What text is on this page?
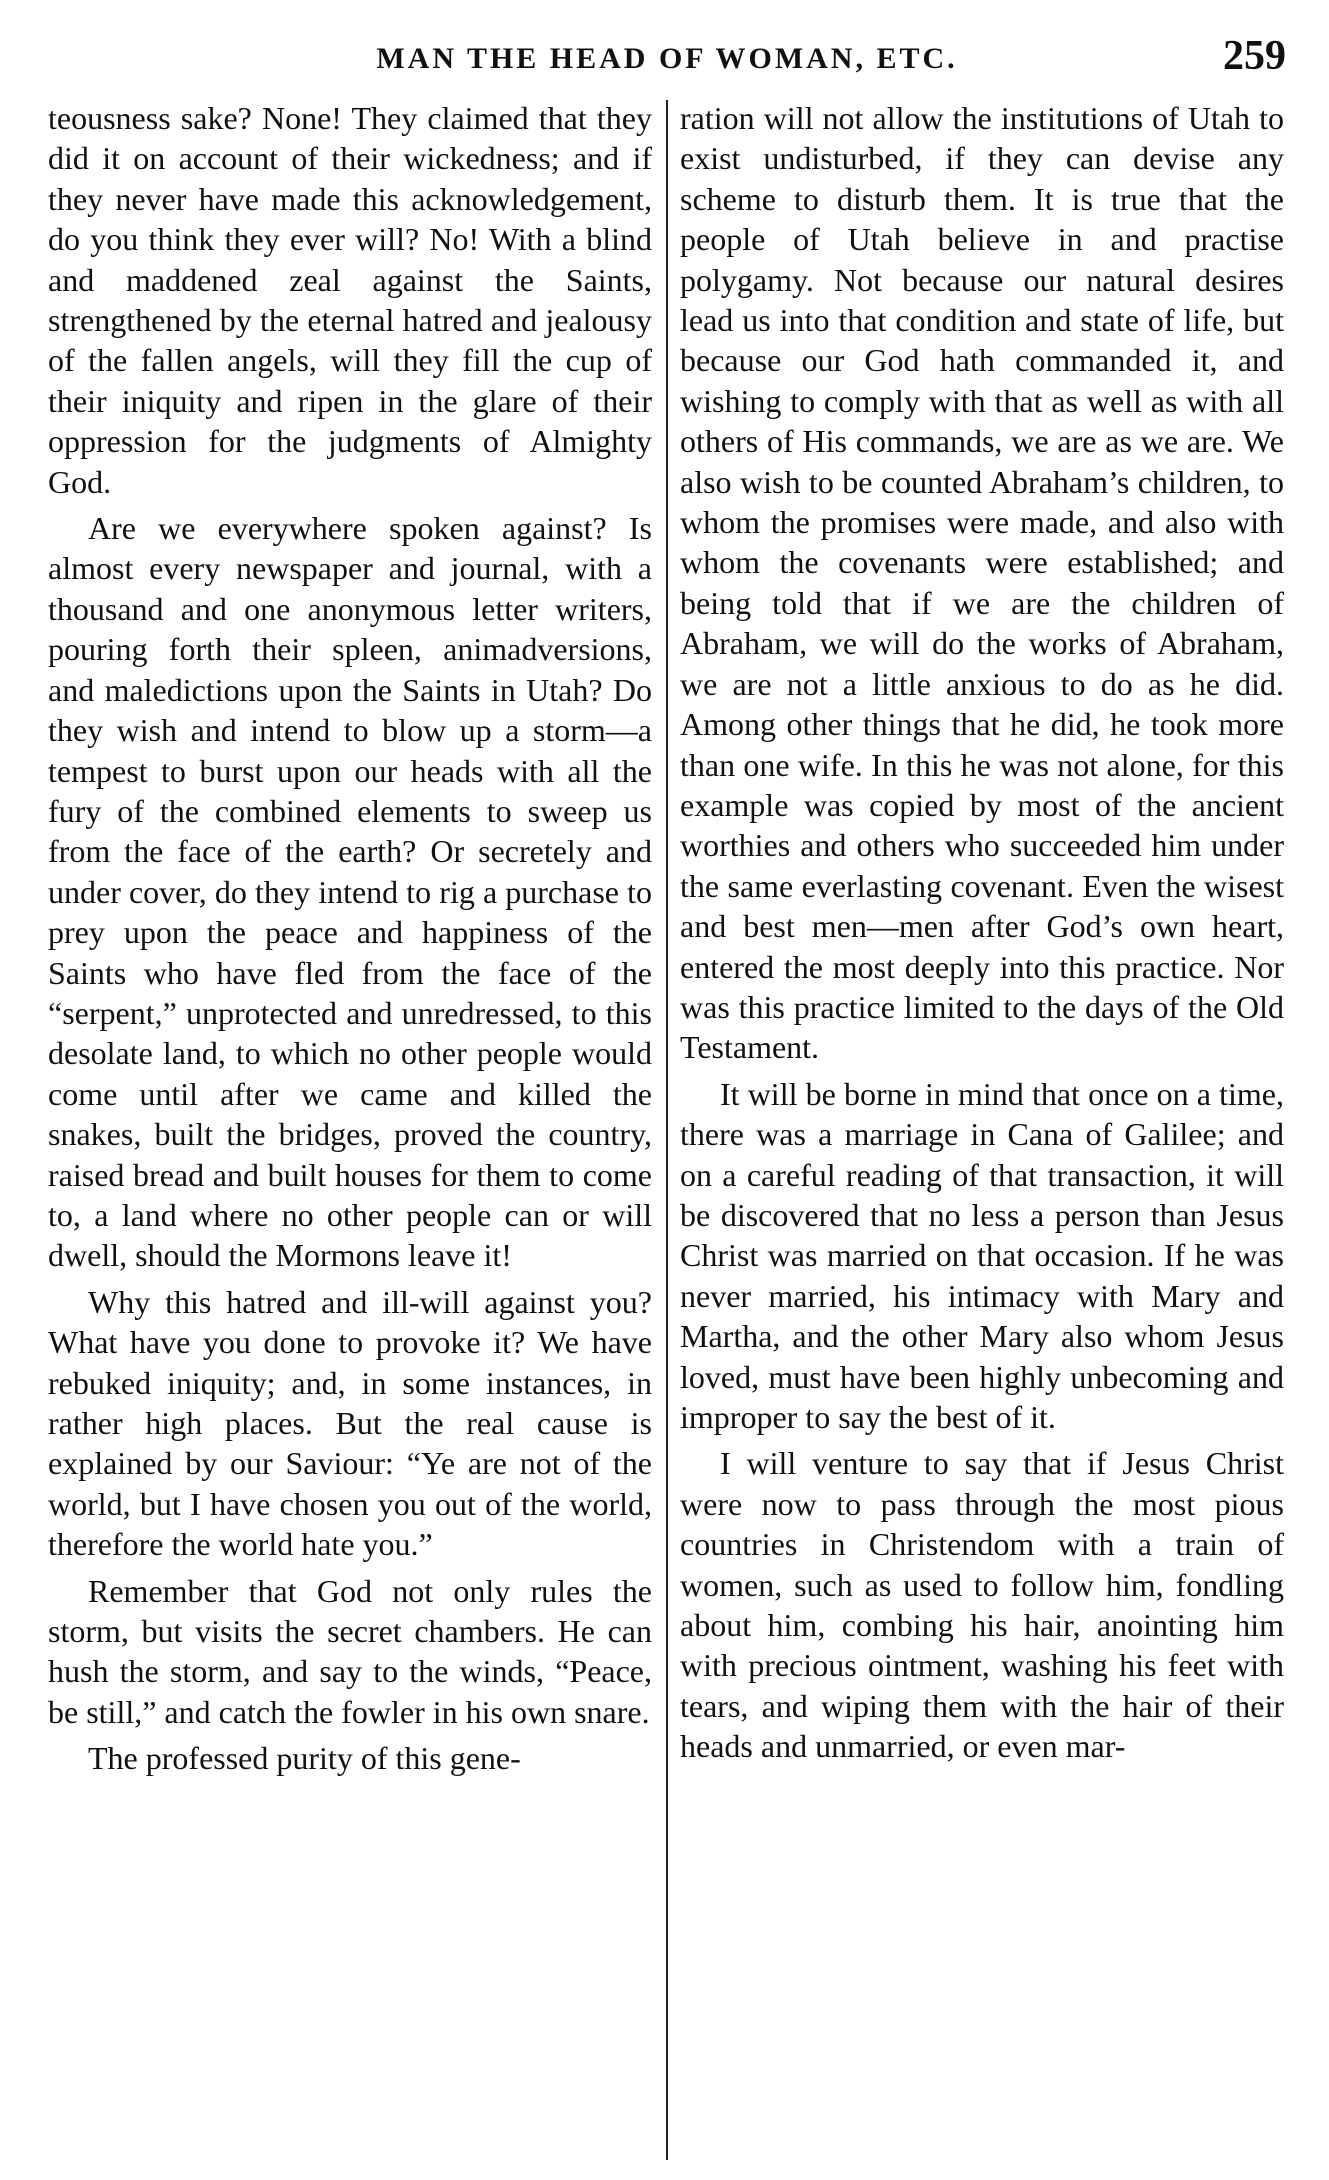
MAN THE HEAD OF WOMAN, ETC.	259

teousness sake? None! They claimed that they did it on account of their wickedness; and if they never have made this acknowledgement, do you think they ever will? No! With a blind and maddened zeal against the Saints, strengthened by the eternal hatred and jealousy of the fallen angels, will they fill the cup of their iniquity and ripen in the glare of their oppression for the judgments of Almighty God.

Are we everywhere spoken against? Is almost every newspaper and journal, with a thousand and one anonymous letter writers, pouring forth their spleen, animadversions, and maledictions upon the Saints in Utah? Do they wish and intend to blow up a storm—a tempest to burst upon our heads with all the fury of the combined elements to sweep us from the face of the earth? Or secretely and under cover, do they intend to rig a purchase to prey upon the peace and happiness of the Saints who have fled from the face of the “serpent,” unprotected and unredressed, to this desolate land, to which no other people would come until after we came and killed the snakes, built the bridges, proved the country, raised bread and built houses for them to come to, a land where no other people can or will dwell, should the Mormons leave it!

Why this hatred and ill-will against you? What have you done to provoke it? We have rebuked iniquity; and, in some instances, in rather high places. But the real cause is explained by our Saviour: “Ye are not of the world, but I have chosen you out of the world, therefore the world hate you.”

Remember that God not only rules the storm, but visits the secret chambers. He can hush the storm, and say to the winds, “Peace, be still,” and catch the fowler in his own snare.

The professed purity of this gene-

ration will not allow the institutions of Utah to exist undisturbed, if they can devise any scheme to disturb them. It is true that the people of Utah believe in and practise polygamy. Not because our natural desires lead us into that condition and state of life, but because our God hath commanded it, and wishing to comply with that as well as with all others of His commands, we are as we are. We also wish to be counted Abraham’s children, to whom the promises were made, and also with whom the covenants were established; and being told that if we are the children of Abraham, we will do the works of Abraham, we are not a little anxious to do as he did. Among other things that he did, he took more than one wife. In this he was not alone, for this example was copied by most of the ancient worthies and others who succeeded him under the same everlasting covenant. Even the wisest and best men—men after God’s own heart, entered the most deeply into this practice. Nor was this practice limited to the days of the Old Testament.

It will be borne in mind that once on a time, there was a marriage in Cana of Galilee; and on a careful reading of that transaction, it will be discovered that no less a person than Jesus Christ was married on that occasion. If he was never married, his intimacy with Mary and Martha, and the other Mary also whom Jesus loved, must have been highly unbecoming and improper to say the best of it.

I will venture to say that if Jesus Christ were now to pass through the most pious countries in Christendom with a train of women, such as used to follow him, fondling about him, combing his hair, anointing him with precious ointment, washing his feet with tears, and wiping them with the hair of their heads and unmarried, or even mar-
